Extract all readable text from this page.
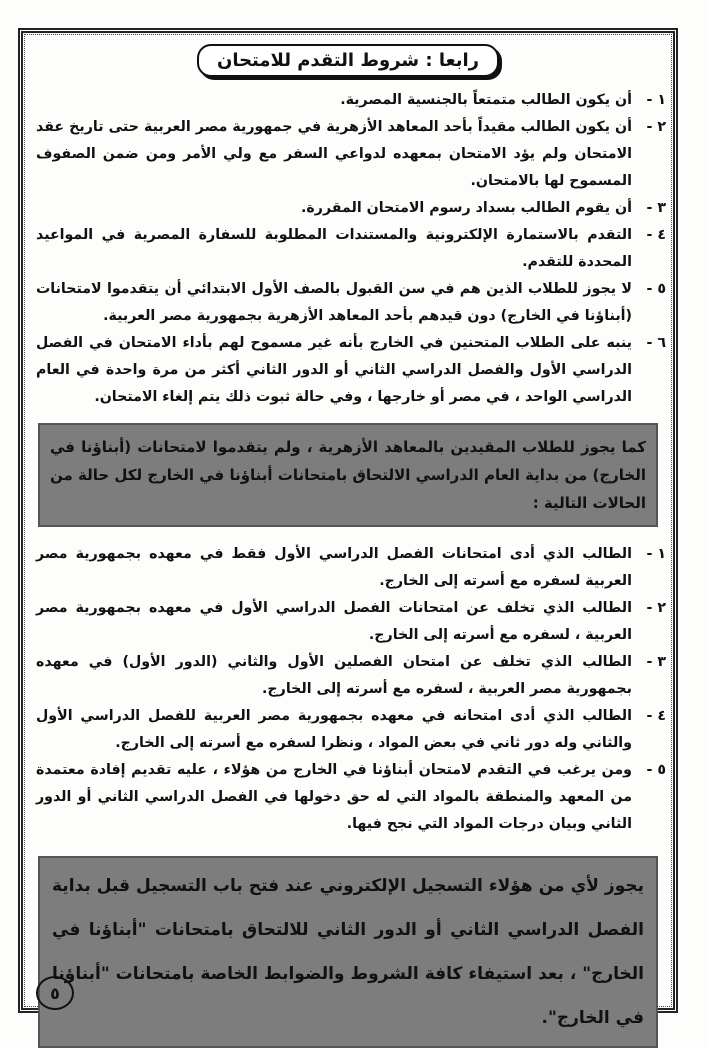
رابعا : شروط التقدم للامتحان
١ -
أن يكون الطالب متمتعاً بالجنسية المصرية.
٢ -
أن يكون الطالب مقيداً بأحد المعاهد الأزهرية في جمهورية مصر العربية حتى تاريخ عقد الامتحان ولم يؤد الامتحان بمعهده لدواعي السفر مع ولي الأمر ومن ضمن الصفوف المسموح لها بالامتحان.
٣ -
أن يقوم الطالب بسداد رسوم الامتحان المقررة.
٤ -
التقدم بالاستمارة الإلكترونية والمستندات المطلوبة للسفارة المصرية في المواعيد المحددة للتقدم.
٥ -
لا يجوز للطلاب الذين هم في سن القبول بالصف الأول الابتدائي أن يتقدموا لامتحانات (أبناؤنا في الخارج) دون قيدهم بأحد المعاهد الأزهرية بجمهورية مصر العربية.
٦ -
ينبه على الطلاب المتحنين في الخارج بأنه غير مسموح لهم بأداء الامتحان في الفصل الدراسي الأول والفصل الدراسي الثاني أو الدور الثاني أكثر من مرة واحدة في العام الدراسي الواحد ، في مصر أو خارجها ، وفي حالة ثبوت ذلك يتم إلغاء الامتحان.
كما يجوز للطلاب المقيدين بالمعاهد الأزهرية ، ولم يتقدموا لامتحانات (أبناؤنا في الخارج) من بداية العام الدراسي الالتحاق بامتحانات أبناؤنا في الخارج لكل حالة من الحالات التالية :
١ -
الطالب الذي أدى امتحانات الفصل الدراسي الأول فقط في معهده بجمهورية مصر العربية لسفره مع أسرته إلى الخارج.
٢ -
الطالب الذي تخلف عن امتحانات الفصل الدراسي الأول في معهده بجمهورية مصر العربية ، لسفره مع أسرته إلى الخارج.
٣ -
الطالب الذي تخلف عن امتحان الفصلين الأول والثاني (الدور الأول) في معهده بجمهورية مصر العربية ، لسفره مع أسرته إلى الخارج.
٤ -
الطالب الذي أدى امتحانه في معهده بجمهورية مصر العربية للفصل الدراسي الأول والثاني وله دور ثاني في بعض المواد ، ونظرا لسفره مع أسرته إلى الخارج.
٥ -
ومن يرغب في التقدم لامتحان أبناؤنا في الخارج من هؤلاء ، عليه تقديم إفادة معتمدة من المعهد والمنطقة بالمواد التي له حق دخولها في الفصل الدراسي الثاني أو الدور الثاني وبيان درجات المواد التي نجح فيها.
يجوز لأي من هؤلاء التسجيل الإلكتروني عند فتح باب التسجيل قبل بداية الفصل الدراسي الثاني أو الدور الثاني للالتحاق بامتحانات "أبناؤنا في الخارج" ، بعد استيفاء كافة الشروط والضوابط الخاصة بامتحانات "أبناؤنا في الخارج".
٥
